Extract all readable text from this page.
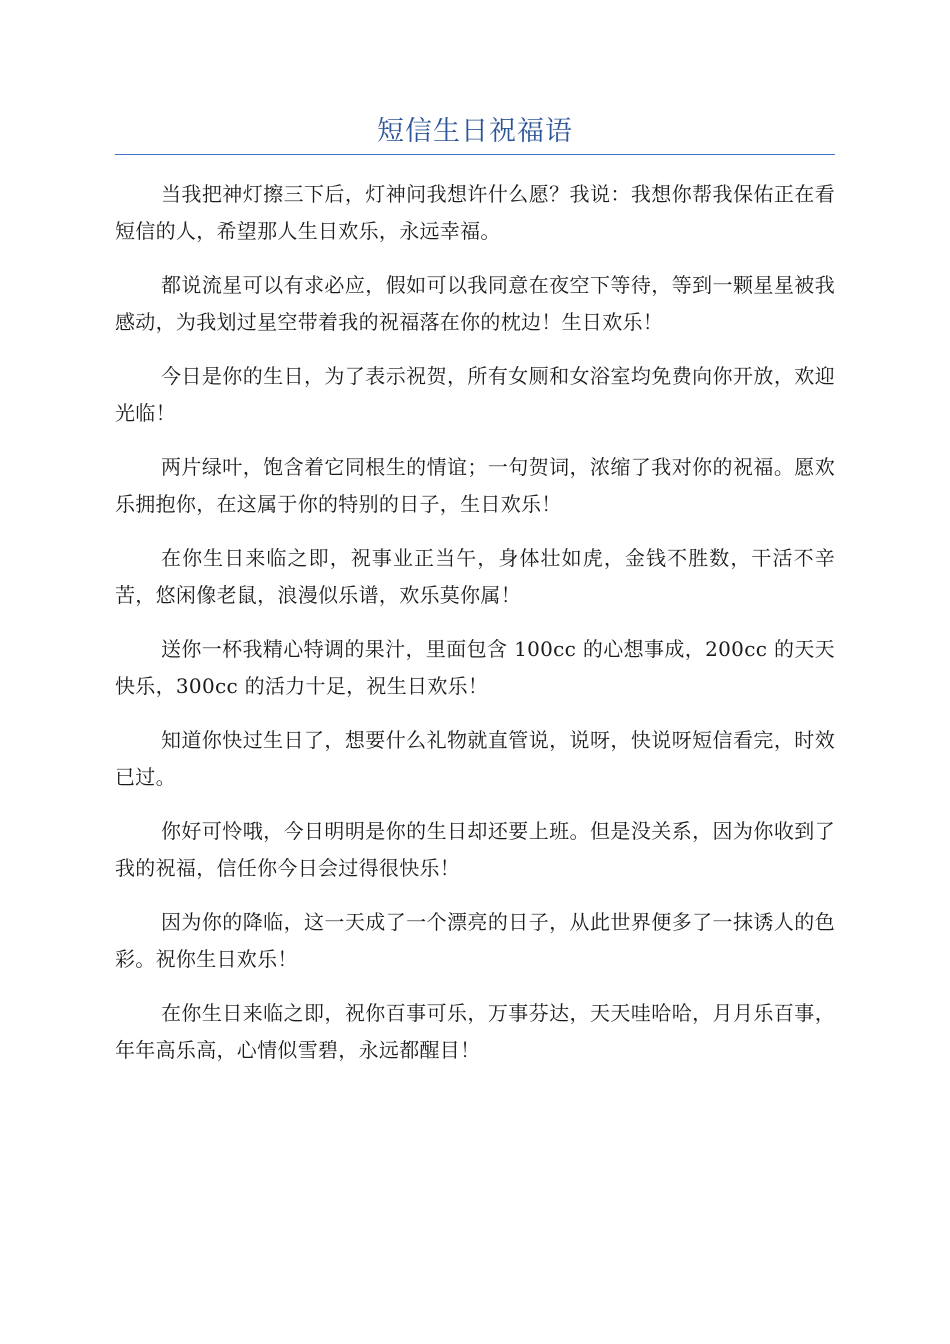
短信生日祝福语

当我把神灯擦三下后，灯神问我想许什么愿？我说：我想你帮我保佑正在看短信的人，希望那人生日欢乐，永远幸福。

都说流星可以有求必应，假如可以我同意在夜空下等待，等到一颗星星被我感动，为我划过星空带着我的祝福落在你的枕边！生日欢乐！

今日是你的生日，为了表示祝贺，所有女厕和女浴室均免费向你开放，欢迎光临！

两片绿叶，饱含着它同根生的情谊；一句贺词，浓缩了我对你的祝福。愿欢乐拥抱你，在这属于你的特别的日子，生日欢乐！

在你生日来临之即，祝事业正当午，身体壮如虎，金钱不胜数，干活不辛苦，悠闲像老鼠，浪漫似乐谱，欢乐莫你属！

送你一杯我精心特调的果汁，里面包含 100cc 的心想事成，200cc 的天天快乐，300cc 的活力十足，祝生日欢乐！

知道你快过生日了，想要什么礼物就直管说，说呀，快说呀短信看完，时效已过。

你好可怜哦，今日明明是你的生日却还要上班。但是没关系，因为你收到了我的祝福，信任你今日会过得很快乐！

因为你的降临，这一天成了一个漂亮的日子，从此世界便多了一抹诱人的色彩。祝你生日欢乐！

在你生日来临之即，祝你百事可乐，万事芬达，天天哇哈哈，月月乐百事，年年高乐高，心情似雪碧，永远都醒目！
